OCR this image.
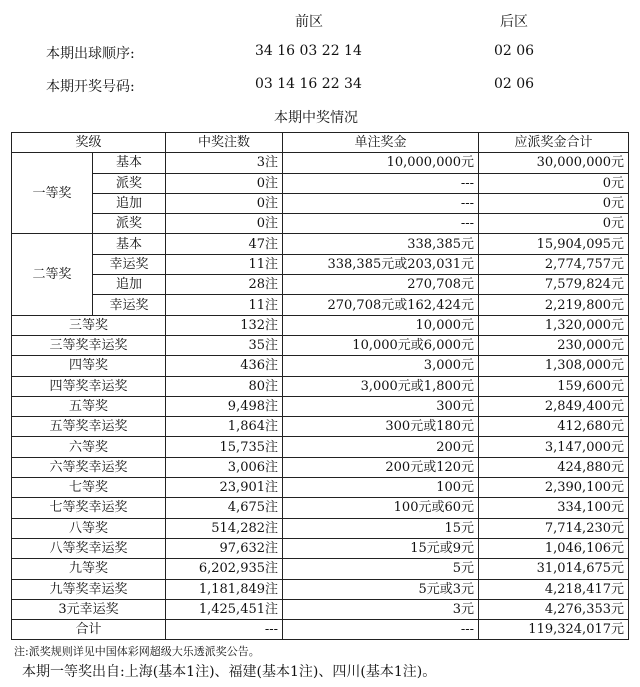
前区	后区
本期出球顺序:	34 16 03 22 14	02 06
本期开奖号码:	03 14 16 22 34	02 06
本期中奖情况
奖级		中奖注数	单注奖金	应派奖金合计
一等奖	基本	3注	10,000,000元	30,000,000元
	派奖	0注	---	0元
	追加	0注	---	0元
	派奖	0注	---	0元
二等奖	基本	47注	338,385元	15,904,095元
	幸运奖	11注	338,385元或203,031元	2,774,757元
	追加	28注	270,708元	7,579,824元
	幸运奖	11注	270,708元或162,424元	2,219,800元
三等奖		132注	10,000元	1,320,000元
三等奖幸运奖		35注	10,000元或6,000元	230,000元
四等奖		436注	3,000元	1,308,000元
四等奖幸运奖		80注	3,000元或1,800元	159,600元
五等奖		9,498注	300元	2,849,400元
五等奖幸运奖		1,864注	300元或180元	412,680元
六等奖		15,735注	200元	3,147,000元
六等奖幸运奖		3,006注	200元或120元	424,880元
七等奖		23,901注	100元	2,390,100元
七等奖幸运奖		4,675注	100元或60元	334,100元
八等奖		514,282注	15元	7,714,230元
八等奖幸运奖		97,632注	15元或9元	1,046,106元
九等奖		6,202,935注	5元	31,014,675元
九等奖幸运奖		1,181,849注	5元或3元	4,218,417元
3元幸运奖		1,425,451注	3元	4,276,353元
合计		---	---	119,324,017元
注:派奖规则详见中国体彩网超级大乐透派奖公告。
本期一等奖出自:上海(基本1注)、福建(基本1注)、四川(基本1注)。
